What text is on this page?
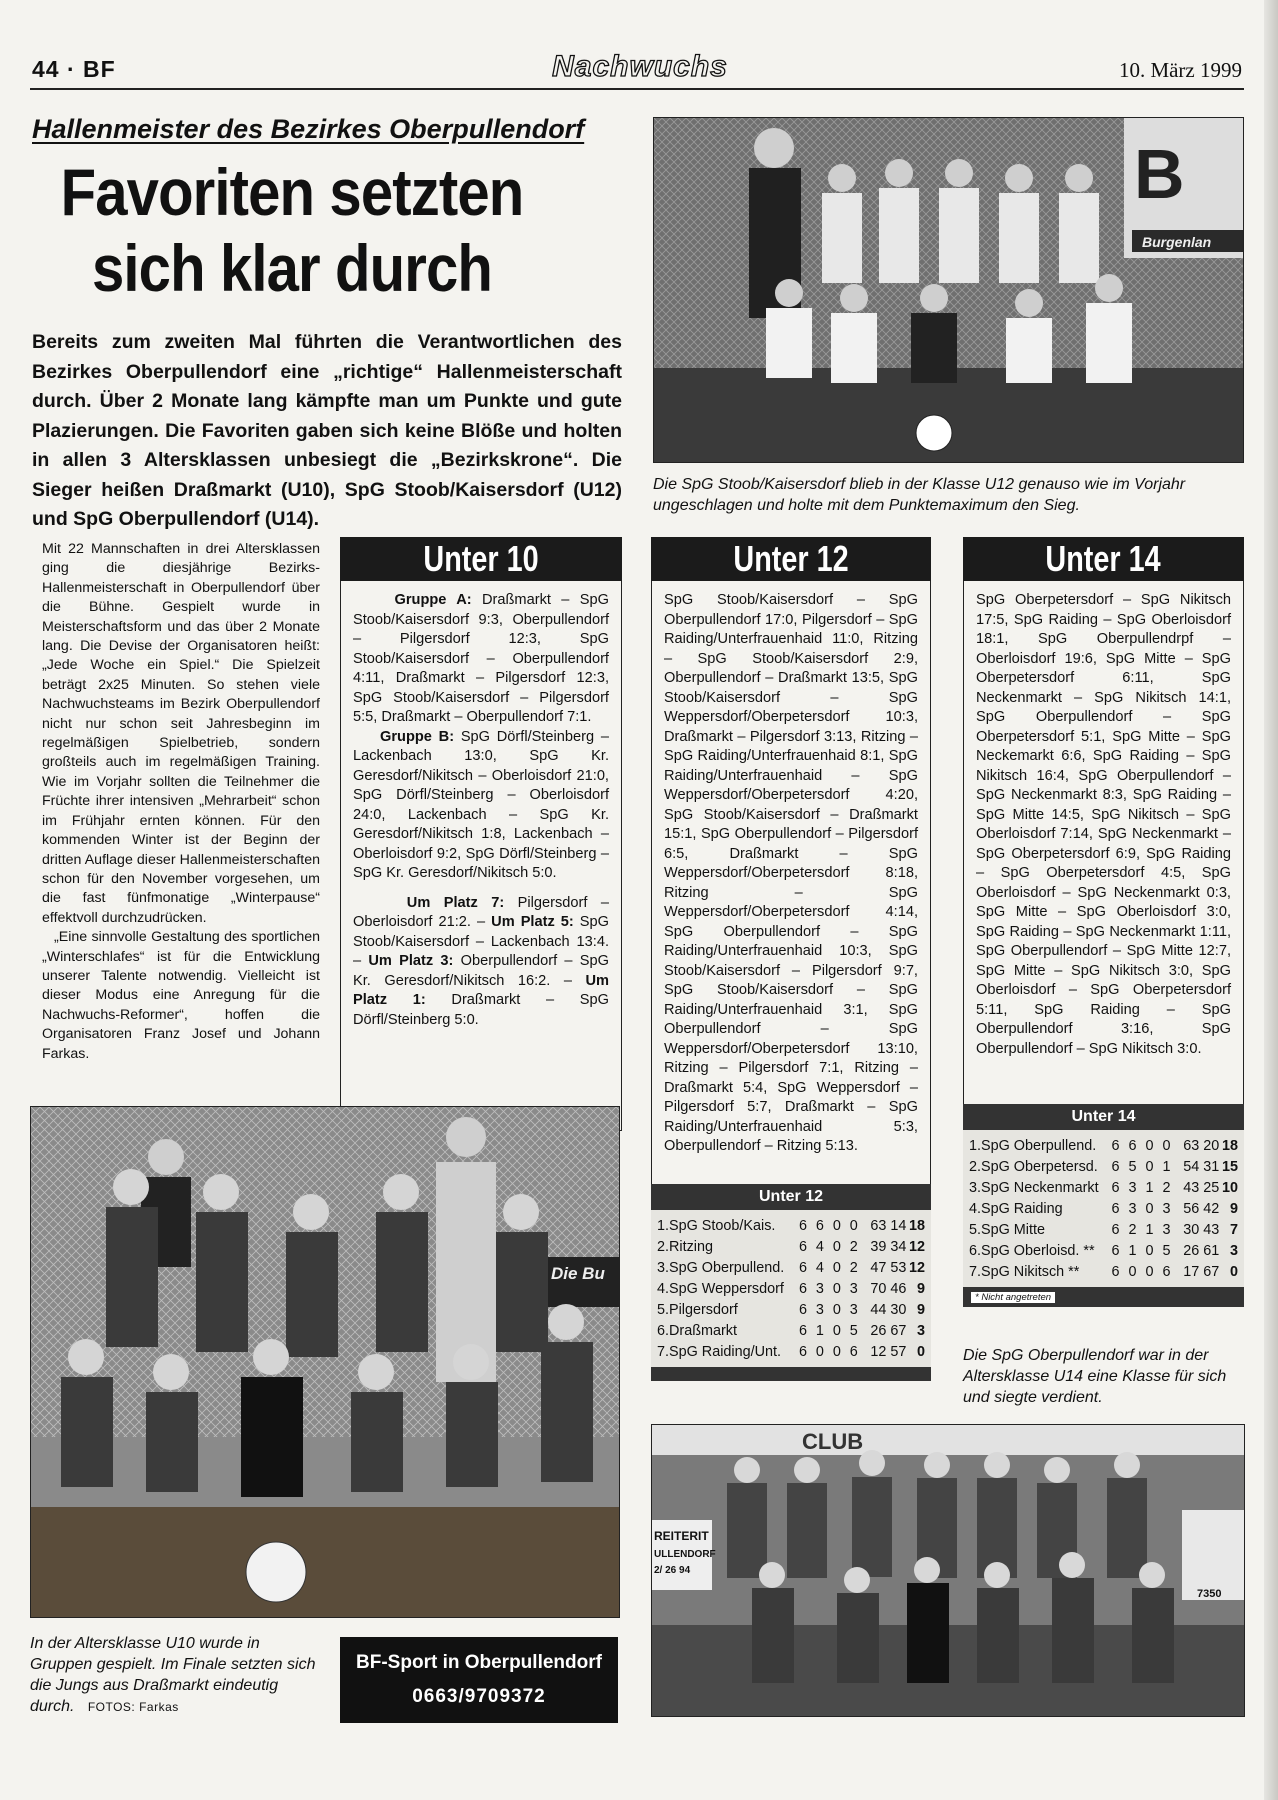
44 · BF	Nachwuchs	10. März 1999
Hallenmeister des Bezirkes Oberpullendorf
Favoriten setzten
sich klar durch
Bereits zum zweiten Mal führten die Verantwortlichen des Bezirkes Oberpullendorf eine „richtige“ Hallenmeisterschaft durch. Über 2 Monate lang kämpfte man um Punkte und gute Plazierungen. Die Favoriten gaben sich keine Blöße und holten in allen 3 Altersklassen unbesiegt die „Bezirkskrone“. Die Sieger heißen Draßmarkt (U10), SpG Stoob/Kaisersdorf (U12) und SpG Oberpullendorf (U14).

Mit 22 Mannschaften in drei Altersklassen ging die diesjährige Bezirks-Hallenmeisterschaft in Oberpullendorf über die Bühne. Gespielt wurde in Meisterschaftsform und das über 2 Monate lang. Die Devise der Organisatoren heißt: „Jede Woche ein Spiel.“ Die Spielzeit beträgt 2x25 Minuten. So stehen viele Nachwuchsteams im Bezirk Oberpullendorf nicht nur schon seit Jahresbeginn im regelmäßigen Spielbetrieb, sondern großteils auch im regelmäßigen Training. Wie im Vorjahr sollten die Teilnehmer die Früchte ihrer intensiven „Mehrarbeit“ schon im Frühjahr ernten können. Für den kommenden Winter ist der Beginn der dritten Auflage dieser Hallenmeisterschaften schon für den November vorgesehen, um die fast fünfmonatige „Winterpause“ effektvoll durchzudrücken.

„Eine sinnvolle Gestaltung des sportlichen „Winterschlafes“ ist für die Entwicklung unserer Talente notwendig. Vielleicht ist dieser Modus eine Anregung für die Nachwuchs-Reformer“, hoffen die Organisatoren Franz Josef und Johann Farkas.

B
Burgenlan
Die SpG Stoob/Kaisersdorf blieb in der Klasse U12 genauso wie im Vorjahr ungeschlagen und holte mit dem Punktemaximum den Sieg.
Unter 10

Gruppe A: Draßmarkt – SpG Stoob/Kaisersdorf 9:3, Oberpullendorf – Pilgersdorf 12:3, SpG Stoob/Kaisersdorf – Oberpullendorf 4:11, Draßmarkt – Pilgersdorf 12:3, SpG Stoob/Kaisersdorf – Pilgersdorf 5:5, Draßmarkt – Oberpullendorf 7:1.

Gruppe B: SpG Dörfl/Steinberg – Lackenbach 13:0, SpG Kr. Geresdorf/Nikitsch – Oberloisdorf 21:0, SpG Dörfl/Steinberg – Oberloisdorf 24:0, Lackenbach – SpG Kr. Geresdorf/Nikitsch 1:8, Lackenbach – Oberloisdorf 9:2, SpG Dörfl/Steinberg – SpG Kr. Geresdorf/Nikitsch 5:0.

Um Platz 7: Pilgersdorf – Oberloisdorf 21:2. – Um Platz 5: SpG Stoob/Kaisersdorf – Lackenbach 13:4. – Um Platz 3: Oberpullendorf – SpG Kr. Geresdorf/Nikitsch 16:2. – Um Platz 1: Draßmarkt – SpG Dörfl/Steinberg 5:0.

Unter 12

SpG Stoob/Kaisersdorf – SpG Oberpullendorf 17:0, Pilgersdorf – SpG Raiding/Unterfrauenhaid 11:0, Ritzing – SpG Stoob/Kaisersdorf 2:9, Oberpullendorf – Draßmarkt 13:5, SpG Stoob/Kaisersdorf – SpG Weppersdorf/Oberpetersdorf 10:3, Draßmarkt – Pilgersdorf 3:13, Ritzing – SpG Raiding/Unterfrauenhaid 8:1, SpG Raiding/Unterfrauenhaid – SpG Weppersdorf/Oberpetersdorf 4:20, SpG Stoob/Kaisersdorf – Draßmarkt 15:1, SpG Oberpullendorf – Pilgersdorf 6:5, Draßmarkt – SpG Weppersdorf/Oberpetersdorf 8:18, Ritzing – SpG Weppersdorf/Oberpetersdorf 4:14, SpG Oberpullendorf – SpG Raiding/Unterfrauenhaid 10:3, SpG Stoob/Kaisersdorf – Pilgersdorf 9:7, SpG Stoob/Kaisersdorf – SpG Raiding/Unterfrauenhaid 3:1, SpG Oberpullendorf – SpG Weppersdorf/Oberpetersdorf 13:10, Ritzing – Pilgersdorf 7:1, Ritzing – Draßmarkt 5:4, SpG Weppersdorf – Pilgersdorf 5:7, Draßmarkt – SpG Raiding/Unterfrauenhaid 5:3, Oberpullendorf – Ritzing 5:13.

Unter 12
1. SpG Stoob/Kais.	6 6 0 0 63 14 18
2. Ritzing	6 4 0 2 39 34 12
3. SpG Oberpullend.	6 4 0 2 47 53 12
4. SpG Weppersdorf	6 3 0 3 70 46 9
5. Pilgersdorf	6 3 0 3 44 30 9
6. Draßmarkt	6 1 0 5 26 67 3
7. SpG Raiding/Unt.	6 0 0 6 12 57 0
Unter 14

SpG Oberpetersdorf – SpG Nikitsch 17:5, SpG Raiding – SpG Oberloisdorf 18:1, SpG Oberpullendrpf – Oberloisdorf 19:6, SpG Mitte – SpG Oberpetersdorf 6:11, SpG Neckenmarkt – SpG Nikitsch 14:1, SpG Oberpullendorf – SpG Oberpetersdorf 5:1, SpG Mitte – SpG Neckemarkt 6:6, SpG Raiding – SpG Nikitsch 16:4, SpG Oberpullendorf – SpG Neckenmarkt 8:3, SpG Raiding – SpG Mitte 14:5, SpG Nikitsch – SpG Oberloisdorf 7:14, SpG Neckenmarkt – SpG Oberpetersdorf 6:9, SpG Raiding – SpG Oberpetersdorf 4:5, SpG Oberloisdorf – SpG Neckenmarkt 0:3, SpG Mitte – SpG Oberloisdorf 3:0, SpG Raiding – SpG Neckenmarkt 1:11, SpG Oberpullendorf – SpG Mitte 12:7, SpG Mitte – SpG Nikitsch 3:0, SpG Oberloisdorf – SpG Oberpetersdorf 5:11, SpG Raiding – SpG Oberpullendorf 3:16, SpG Oberpullendorf – SpG Nikitsch 3:0.

Unter 14
1. SpG Oberpullend.	6 6 0 0 63 20 18
2. SpG Oberpetersd. 6 5 0 1 54 31 15
3. SpG Neckenmarkt 6 3 1 2 43 25 10
4. SpG Raiding	6 3 0 3 56 42 9
5. SpG Mitte	6 2 1 3 30 43 7
6. SpG Oberloisd. **	6 1 0 5 26 61 3
7. SpG Nikitsch **	6 0 0 6 17 67 0
* Nicht angetreten
Die SpG Oberpullendorf war in der Altersklasse U14 eine Klasse für sich und siegte verdient.
Die Bu
In der Altersklasse U10 wurde in Gruppen gespielt. Im Finale setzten sich die Jungs aus Draßmarkt eindeutig durch. FOTOS: Farkas
BF-Sport in Oberpullendorf
0663/9709372
CLUB
REITERIT
ULLENDORF
2/ 26 94
7350
